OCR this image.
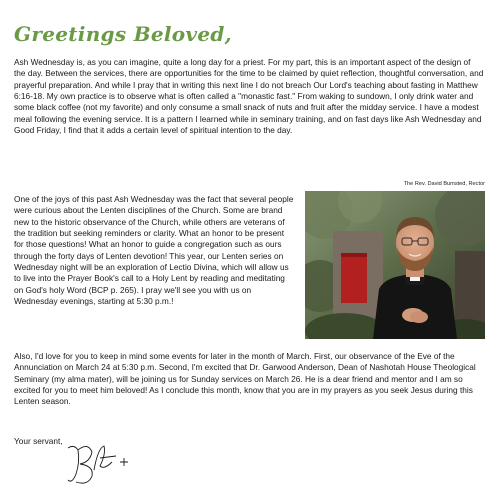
Greetings Beloved,

Ash Wednesday is, as you can imagine, quite a long day for a priest. For my part, this is an important aspect of the design of the day. Between the services, there are opportunities for the time to be claimed by quiet reflection, thoughtful conversation, and prayerful preparation. And while I pray that in writing this next line I do not breach Our Lord's teaching about fasting in Matthew 6:16-18. My own practice is to observe what is often called a "monastic fast." From waking to sundown, I only drink water and some black coffee (not my favorite) and only consume a small snack of nuts and fruit after the midday service. I have a modest meal following the evening service. It is a pattern I learned while in seminary training, and on fast days like Ash Wednesday and Good Friday, I find that it adds a certain level of spiritual intention to the day.

One of the joys of this past Ash Wednesday was the fact that several people were curious about the Lenten disciplines of the Church. Some are brand new to the historic observance of the Church, while others are veterans of the tradition but seeking reminders or clarity. What an honor to be present for those questions! What an honor to guide a congregation such as ours through the forty days of Lenten devotion! This year, our Lenten series on Wednesday night will be an exploration of Lectio Divina, which will allow us to live into the Prayer Book's call to a Holy Lent by reading and meditating on God's holy Word (BCP p. 265). I pray we'll see you with us on Wednesday evenings, starting at 5:30 p.m.!

The Rev. David Bumsted, Rector

Also, I'd love for you to keep in mind some events for later in the month of March. First, our observance of the Eve of the Annunciation on March 24 at 5:30 p.m. Second, I'm excited that Dr. Garwood Anderson, Dean of Nashotah House Theological Seminary (my alma mater), will be joining us for Sunday services on March 26. He is a dear friend and mentor and I am so excited for you to meet him beloved! As I conclude this month, know that you are in my prayers as you seek Jesus during this Lenten season.

Your servant,
